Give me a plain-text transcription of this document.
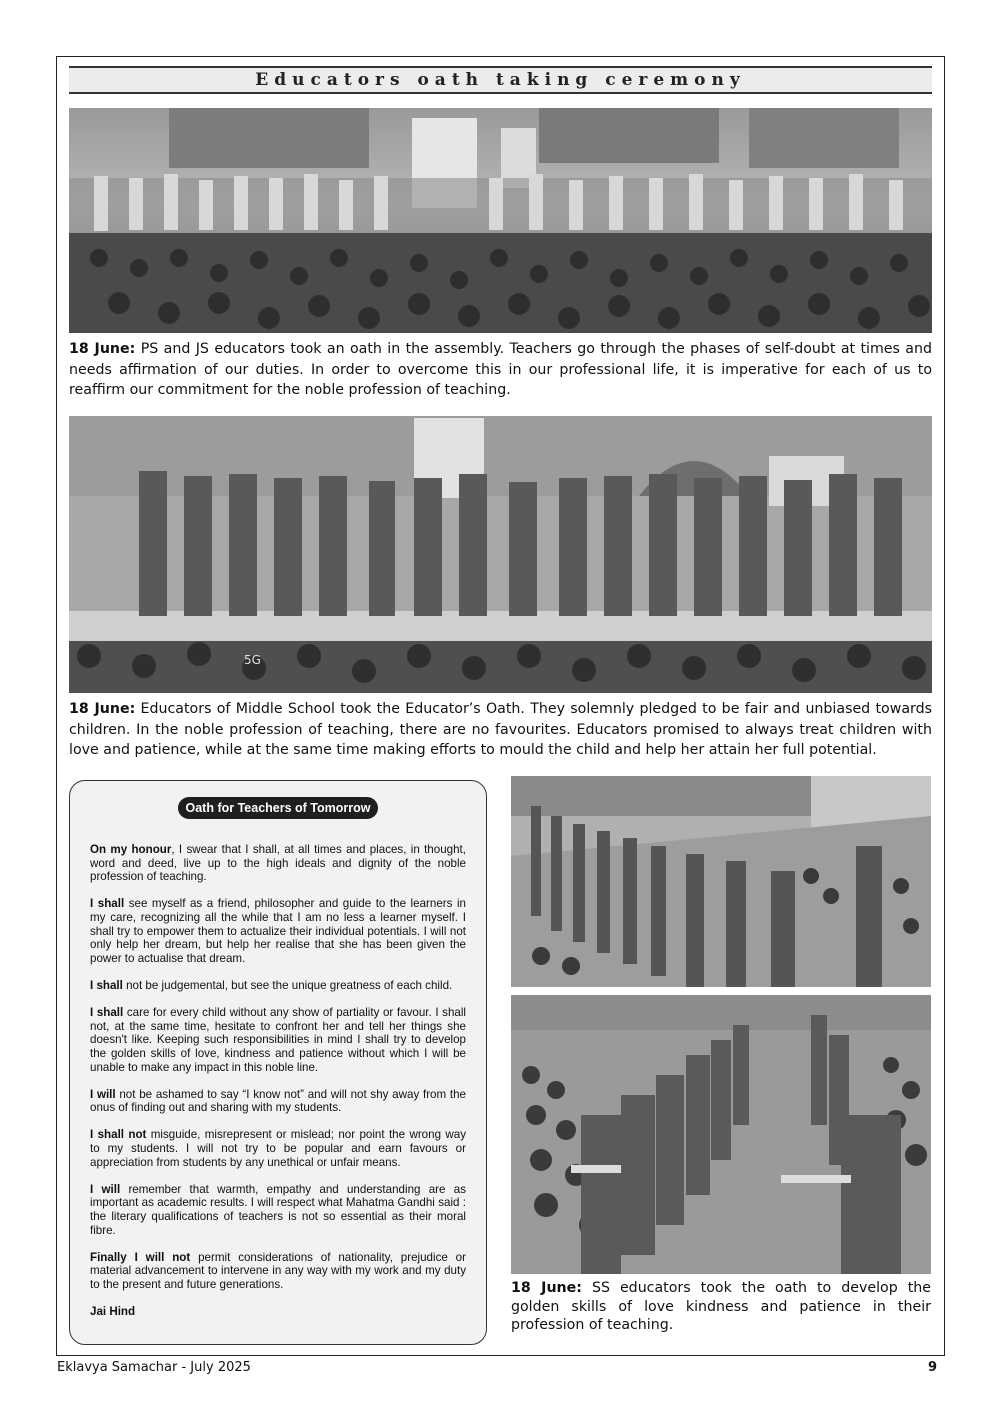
Educators oath taking ceremony
18 June: PS and JS educators took an oath in the assembly. Teachers go through the phases of self-doubt at times and needs affirmation of our duties. In order to overcome this in our professional life, it is imperative for each of us to reaffirm our commitment for the noble profession of teaching.
5G
18 June: Educators of Middle School took the Educator’s Oath. They solemnly pledged to be fair and unbiased towards children. In the noble profession of teaching, there are no favourites. Educators promised to always treat children with love and patience, while at the same time making efforts to mould the child and help her attain her full potential.
Oath for Teachers of Tomorrow

On my honour, I swear that I shall, at all times and places, in thought, word and deed, live up to the high ideals and dignity of the noble profession of teaching.

I shall see myself as a friend, philosopher and guide to the learners in my care, recognizing all the while that I am no less a learner myself. I shall try to empower them to actualize their individual potentials. I will not only help her dream, but help her realise that she has been given the power to actualise that dream.

I shall not be judgemental, but see the unique greatness of each child.

I shall care for every child without any show of partiality or favour. I shall not, at the same time, hesitate to confront her and tell her things she doesn't like. Keeping such responsibilities in mind I shall try to develop the golden skills of love, kindness and patience without which I will be unable to make any impact in this noble line.

I will not be ashamed to say “I know not” and will not shy away from the onus of finding out and sharing with my students.

I shall not misguide, misrepresent or mislead; nor point the wrong way to my students. I will not try to be popular and earn favours or appreciation from students by any unethical or unfair means.

I will remember that warmth, empathy and understanding are as important as academic results. I will respect what Mahatma Gandhi said : the literary qualifications of teachers is not so essential as their moral fibre.

Finally I will not permit considerations of nationality, prejudice or material advancement to intervene in any way with my work and my duty to the present and future generations.

Jai Hind

18 June: SS educators took the oath to develop the golden skills of love kindness and patience in their profession of teaching.
Eklavya Samachar - July 2025	9
